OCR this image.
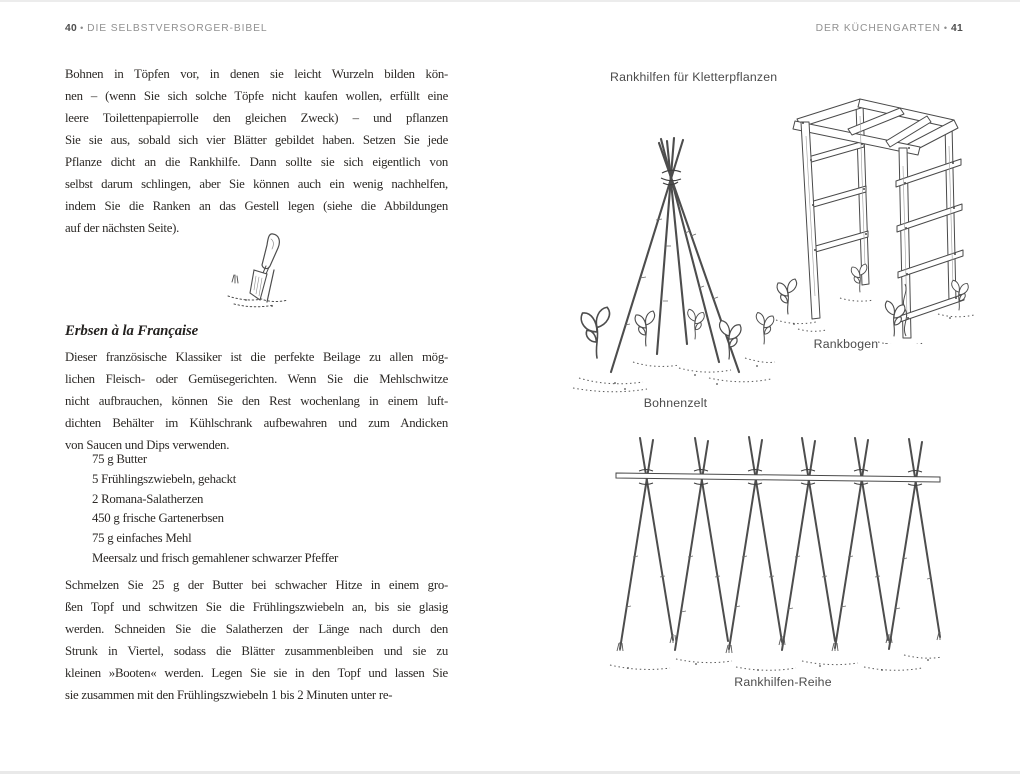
40 • DIE SELBSTVERSORGER-BIBEL	DER KÜCHENGARTEN • 41
Bohnen in Töpfen vor, in denen sie leicht Wurzeln bilden kön-
nen – (wenn Sie sich solche Töpfe nicht kaufen wollen, erfüllt eine
leere Toilettenpapierrolle den gleichen Zweck) – und pflanzen
Sie sie aus, sobald sich vier Blätter gebildet haben. Setzen Sie jede
Pflanze dicht an die Rankhilfe. Dann sollte sie sich eigentlich von
selbst darum schlingen, aber Sie können auch ein wenig nachhelfen,
indem Sie die Ranken an das Gestell legen (siehe die Abbildungen
auf der nächsten Seite).
Erbsen à la Française
Dieser französische Klassiker ist die perfekte Beilage zu allen mög-
lichen Fleisch- oder Gemüsegerichten. Wenn Sie die Mehlschwitze
nicht aufbrauchen, können Sie den Rest wochenlang in einem luft-
dichten Behälter im Kühlschrank aufbewahren und zum Andicken
von Saucen und Dips verwenden.
75 g Butter
5 Frühlingszwiebeln, gehackt
2 Romana-Salatherzen
450 g frische Gartenerbsen
75 g einfaches Mehl
Meersalz und frisch gemahlener schwarzer Pfeffer
Schmelzen Sie 25 g der Butter bei schwacher Hitze in einem gro-
ßen Topf und schwitzen Sie die Frühlingszwiebeln an, bis sie glasig
werden. Schneiden Sie die Salatherzen der Länge nach durch den
Strunk in Viertel, sodass die Blätter zusammenbleiben und sie zu
kleinen »Booten« werden. Legen Sie sie in den Topf und lassen Sie
sie zusammen mit den Frühlingszwiebeln 1 bis 2 Minuten unter re-
Rankhilfen für Kletterpflanzen
Rankbogen
Bohnenzelt
Rankhilfen-Reihe
